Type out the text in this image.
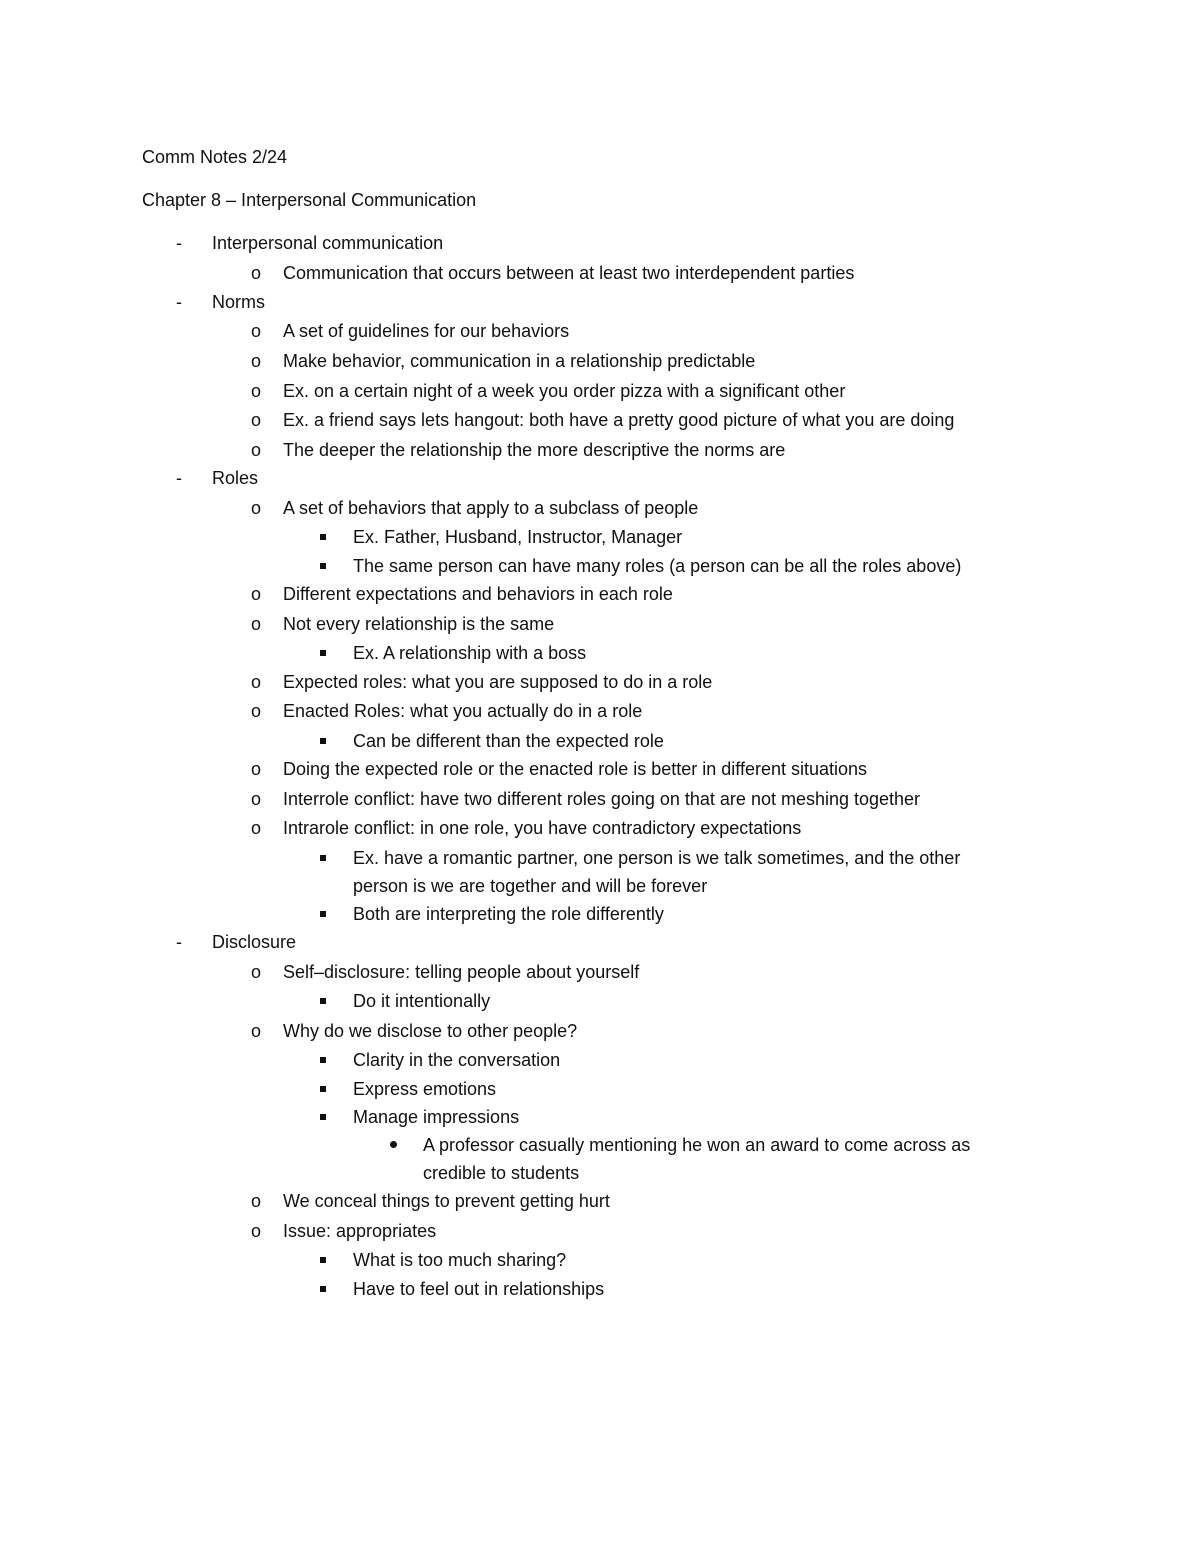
Comm Notes 2/24
Chapter 8 – Interpersonal Communication
- Interpersonal communication
o Communication that occurs between at least two interdependent parties
- Norms
o A set of guidelines for our behaviors
o Make behavior, communication in a relationship predictable
o Ex. on a certain night of a week you order pizza with a significant other
o Ex. a friend says lets hangout: both have a pretty good picture of what you are doing
o The deeper the relationship the more descriptive the norms are
- Roles
o A set of behaviors that apply to a subclass of people
Ex. Father, Husband, Instructor, Manager
The same person can have many roles (a person can be all the roles above)
o Different expectations and behaviors in each role
o Not every relationship is the same
Ex. A relationship with a boss
o Expected roles: what you are supposed to do in a role
o Enacted Roles: what you actually do in a role
Can be different than the expected role
o Doing the expected role or the enacted role is better in different situations
o Interrole conflict: have two different roles going on that are not meshing together
o Intrarole conflict: in one role, you have contradictory expectations
Ex. have a romantic partner, one person is we talk sometimes, and the other
person is we are together and will be forever
Both are interpreting the role differently
- Disclosure
o Self–disclosure: telling people about yourself
Do it intentionally
o Why do we disclose to other people?
Clarity in the conversation
Express emotions
Manage impressions
A professor casually mentioning he won an award to come across as
credible to students
o We conceal things to prevent getting hurt
o Issue: appropriates
What is too much sharing?
Have to feel out in relationships
